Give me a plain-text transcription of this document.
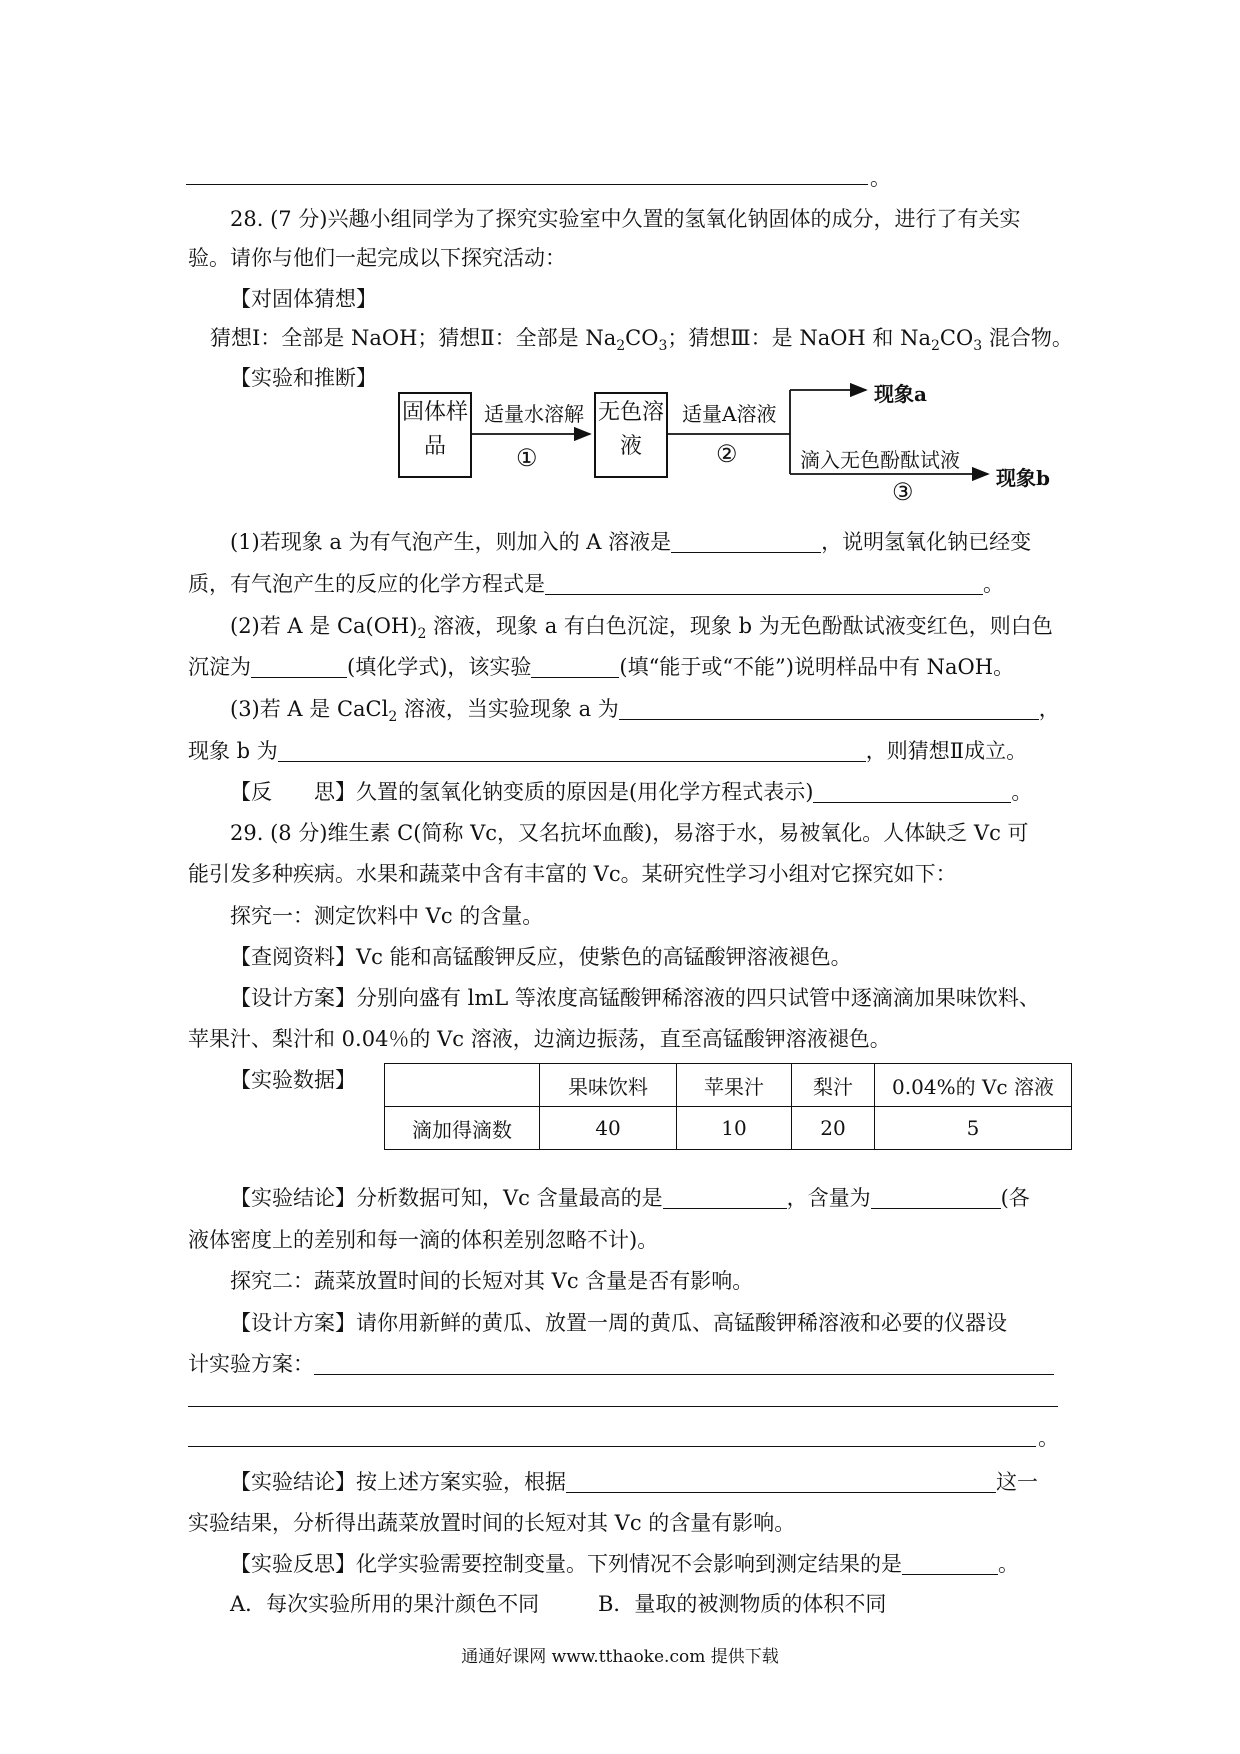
。
28. (7 分)兴趣小组同学为了探究实验室中久置的氢氧化钠固体的成分，进行了有关实
验。请你与他们一起完成以下探究活动：
【对固体猜想】
猜想Ⅰ：全部是 NaOH；猜想Ⅱ：全部是 $Na_2CO_3$；猜想Ⅲ：是 NaOH 和 $Na_2CO_3$ 混合物。
【实验和推断】
固体样品
适量水溶解
①
无色溶液
适量A溶液
②
现象a
滴入无色酚酞试液
③	现象b
(1)若现象 a 为有气泡产生，则加入的 A 溶液是	，说明氢氧化钠已经变
质，有气泡产生的反应的化学方程式是	。
(2)若 A 是 $Ca(OH)_2$ 溶液，现象 a 有白色沉淀，现象 b 为无色酚酞试液变红色，则白色
沉淀为	(填化学式)，该实验	(填“能于或“不能”)说明样品中有 NaOH。
(3)若 A 是 CaCl$_2$ 溶液，当实验现象 a 为	，
现象 b 为	，则猜想Ⅱ成立。
【反　　思】久置的氢氧化钠变质的原因是(用化学方程式表示)	。
29. (8 分)维生素 C(简称 Vc，又名抗坏血酸)，易溶于水，易被氧化。人体缺乏 Vc 可
能引发多种疾病。水果和蔬菜中含有丰富的 Vc。某研究性学习小组对它探究如下：
探究一：测定饮料中 Vc 的含量。
【查阅资料】Vc 能和高锰酸钾反应，使紫色的高锰酸钾溶液褪色。
【设计方案】分别向盛有 lmL 等浓度高锰酸钾稀溶液的四只试管中逐滴滴加果味饮料、
苹果汁、梨汁和 0.04％的 Vc 溶液，边滴边振荡，直至高锰酸钾溶液褪色。
【实验数据】
		果味饮料	苹果汁	梨汁	0.04%的 Vc 溶液
滴加得滴数	40	10	20	5
【实验结论】分析数据可知，Vc 含量最高的是	，含量为	(各
液体密度上的差别和每一滴的体积差别忽略不计)。
探究二：蔬菜放置时间的长短对其 Vc 含量是否有影响。
【设计方案】请你用新鲜的黄瓜、放置一周的黄瓜、高锰酸钾稀溶液和必要的仪器设
计实验方案：
。
【实验结论】按上述方案实验，根据	这一
实验结果，分析得出蔬菜放置时间的长短对其 Vc 的含量有影响。
【实验反思】化学实验需要控制变量。下列情况不会影响到测定结果的是	。
A．每次实验所用的果汁颜色不同	B．量取的被测物质的体积不同
通通好课网 www.tthaoke.com 提供下载
